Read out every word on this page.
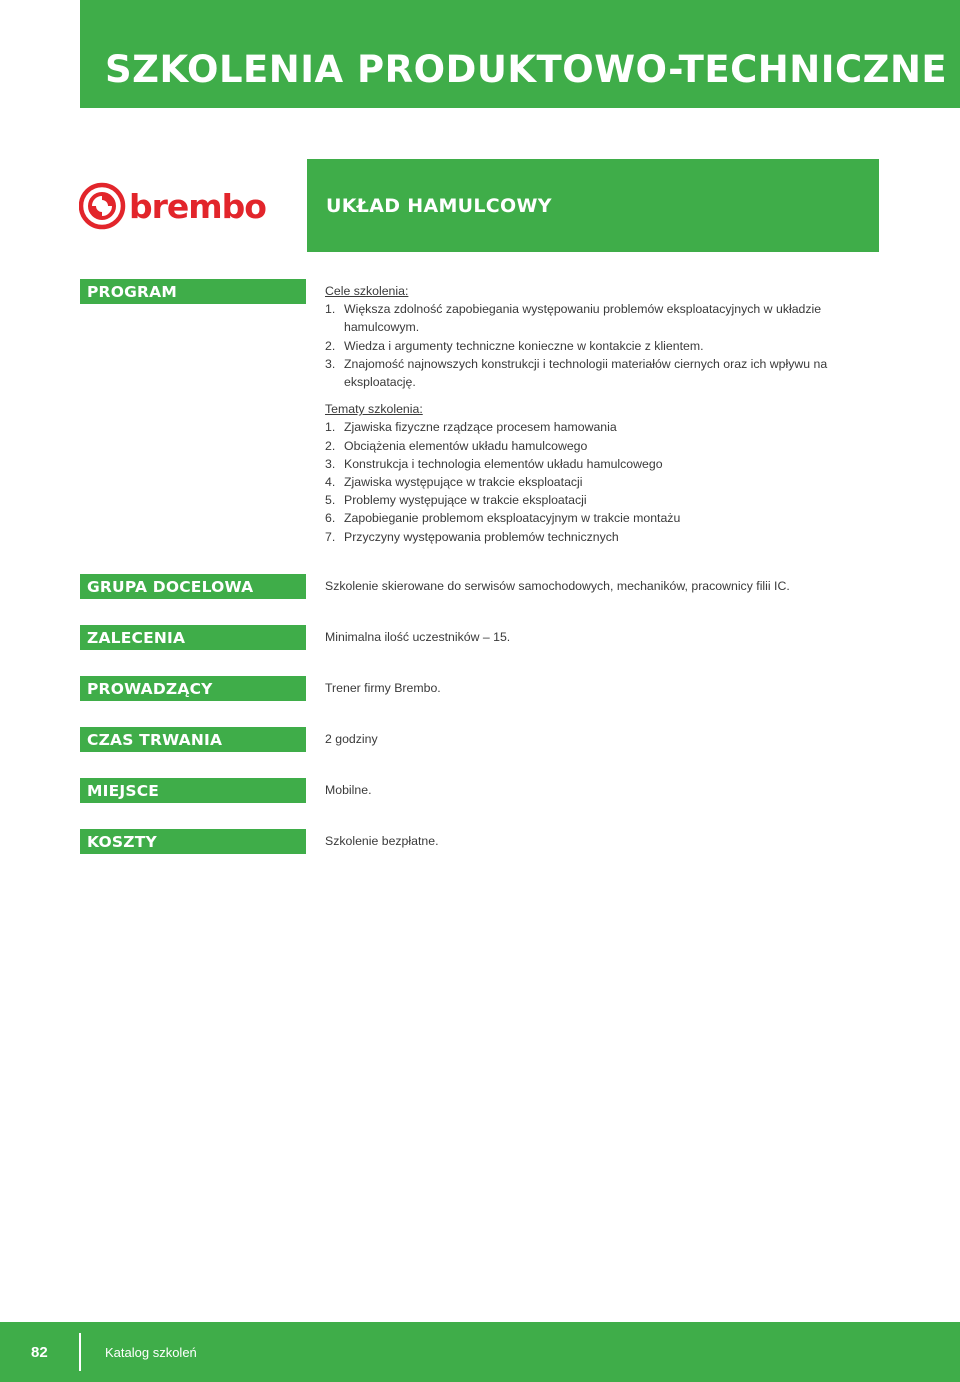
SZKOLENIA PRODUKTOWO-TECHNICZNE
brembo	UKŁAD HAMULCOWY
PROGRAM	Cele szkolenia:
1. Większa zdolność zapobiegania występowaniu problemów eksploatacyjnych w układzie hamulcowym.
2. Wiedza i argumenty techniczne konieczne w kontakcie z klientem.
3. Znajomość najnowszych konstrukcji i technologii materiałów ciernych oraz ich wpływu na eksploatację.
Tematy szkolenia:
1. Zjawiska fizyczne rządzące procesem hamowania
2. Obciążenia elementów układu hamulcowego
3. Konstrukcja i technologia elementów układu hamulcowego
4. Zjawiska występujące w trakcie eksploatacji
5. Problemy występujące w trakcie eksploatacji
6. Zapobieganie problemom eksploatacyjnym w trakcie montażu
7. Przyczyny występowania problemów technicznych
GRUPA DOCELOWA	Szkolenie skierowane do serwisów samochodowych, mechaników, pracownicy filii IC.
ZALECENIA	Minimalna ilość uczestników – 15.
PROWADZĄCY	Trener firmy Brembo.
CZAS TRWANIA	2 godziny
MIEJSCE	Mobilne.
KOSZTY	Szkolenie bezpłatne.
82	Katalog szkoleń
